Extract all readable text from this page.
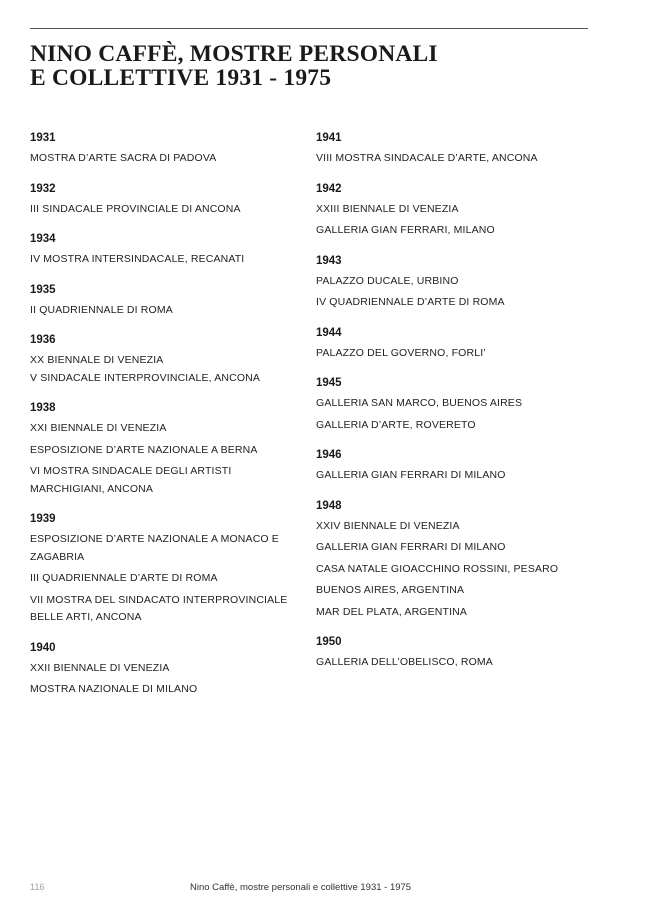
NINO CAFFÈ, MOSTRE PERSONALI
E COLLETTIVE 1931 - 1975
1931
MOSTRA D’ARTE SACRA DI PADOVA
1932
III SINDACALE PROVINCIALE DI ANCONA
1934
IV MOSTRA INTERSINDACALE, RECANATI
1935
II QUADRIENNALE DI ROMA
1936
XX BIENNALE DI VENEZIA
V SINDACALE INTERPROVINCIALE, ANCONA
1938
XXI BIENNALE DI VENEZIA
ESPOSIZIONE D’ARTE NAZIONALE A BERNA
VI MOSTRA SINDACALE DEGLI ARTISTI MARCHIGIANI, ANCONA
1939
ESPOSIZIONE D’ARTE NAZIONALE A MONACO E ZAGABRIA
III QUADRIENNALE D’ARTE DI ROMA
VII MOSTRA DEL SINDACATO INTERPROVINCIALE BELLE ARTI, ANCONA
1940
XXII BIENNALE DI VENEZIA
MOSTRA NAZIONALE DI MILANO
1941
VIII MOSTRA SINDACALE D’ARTE, ANCONA
1942
XXIII BIENNALE DI VENEZIA
GALLERIA GIAN FERRARI, MILANO
1943
PALAZZO DUCALE, URBINO
IV QUADRIENNALE D’ARTE DI ROMA
1944
PALAZZO DEL GOVERNO, FORLI’
1945
GALLERIA SAN MARCO, BUENOS AIRES
GALLERIA D’ARTE, ROVERETO
1946
GALLERIA GIAN FERRARI DI MILANO
1948
XXIV BIENNALE DI VENEZIA
GALLERIA GIAN FERRARI DI MILANO
CASA NATALE GIOACCHINO ROSSINI, PESARO
BUENOS AIRES, ARGENTINA
MAR DEL PLATA, ARGENTINA
1950
GALLERIA DELL’OBELISCO, ROMA
116	Nino Caffè, mostre personali e collettive 1931 - 1975
